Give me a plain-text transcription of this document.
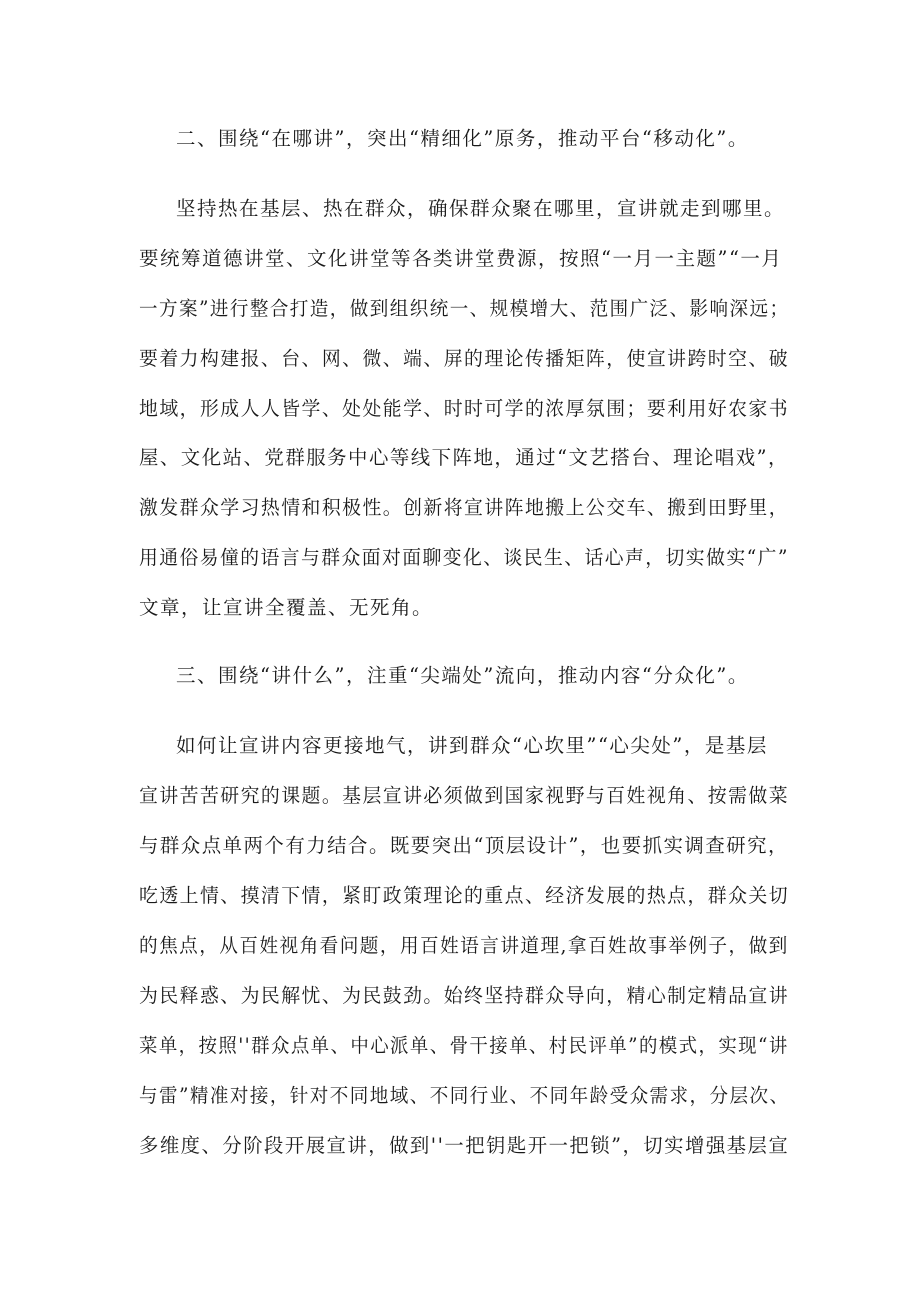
二、围绕“在哪讲”，突出“精细化”原务，推动平台“移动化”。
坚持热在基层、热在群众，确保群众聚在哪里，宣讲就走到哪里。
要统筹道德讲堂、文化讲堂等各类讲堂费源，按照“一月一主题”“一月
一方案”进行整合打造，做到组织统一、规模增大、范围广泛、影响深远；
要着力构建报、台、网、微、端、屏的理论传播矩阵，使宣讲跨时空、破
地域，形成人人皆学、处处能学、时时可学的浓厚氛围；要利用好农家书
屋、文化站、党群服务中心等线下阵地，通过“文艺搭台、理论唱戏”，
激发群众学习热情和积极性。创新将宣讲阵地搬上公交车、搬到田野里，
用通俗易僮的语言与群众面对面聊变化、谈民生、话心声，切实做实“广”
文章，让宣讲全覆盖、无死角。
三、围绕“讲什么”，注重“尖端处”流向，推动内容“分众化”。
如何让宣讲内容更接地气，讲到群众“心坎里”“心尖处”，是基层
宣讲苦苦研究的课题。基层宣讲必须做到国家视野与百姓视角、按需做菜
与群众点单两个有力结合。既要突出“顶层设计”，也要抓实调查研究，
吃透上情、摸清下情，紧盯政策理论的重点、经济发展的热点，群众关切
的焦点，从百姓视角看问题，用百姓语言讲道理,拿百姓故事举例子，做到
为民释惑、为民解忧、为民鼓劲。始终坚持群众导向，精心制定精品宣讲
菜单，按照''群众点单、中心派单、骨干接单、村民评单”的模式，实现“讲
与雷”精准对接，针对不同地域、不同行业、不同年龄受众需求，分层次、
多维度、分阶段开展宣讲，做到''一把钥匙开一把锁”，切实增强基层宣
